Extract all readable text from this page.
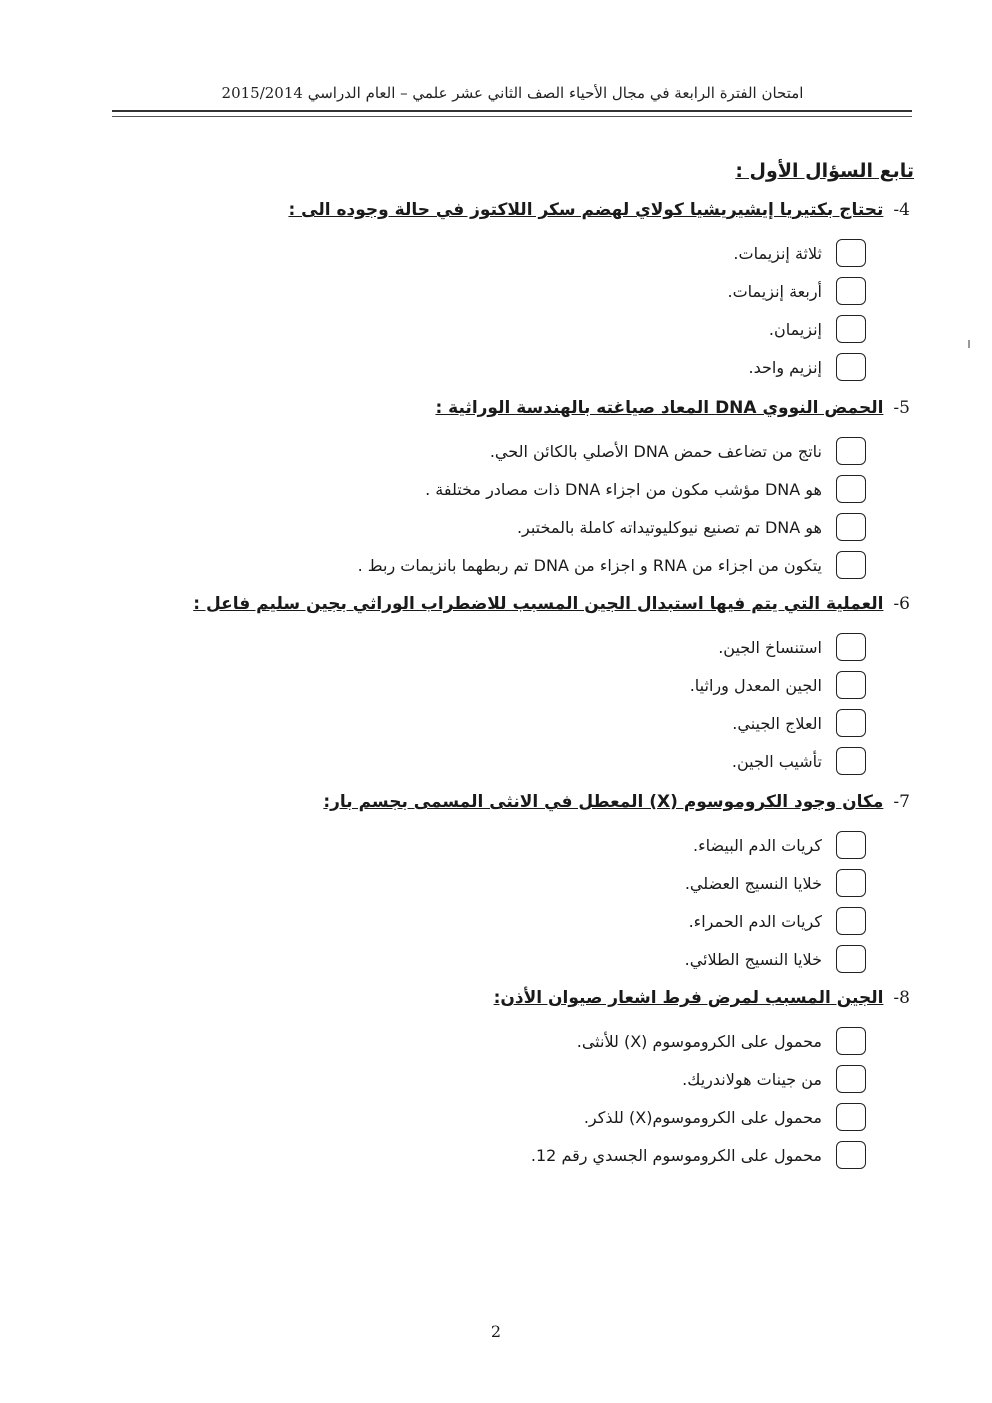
امتحان الفترة الرابعة في مجال الأحياء الصف الثاني عشر علمي – العام الدراسي 2015/2014
تابع السؤال الأول :
4-
تحتاج بكتيريا إيشيريشيا كولاي لهضم سكر اللاكتوز في حالة وجوده الى :
ثلاثة إنزيمات.
أربعة إنزيمات.
إنزيمان.
إنزيم واحد.
5-
الحمض النووي DNA المعاد صياغته بالهندسة الوراثية :
ناتج من تضاعف حمض DNA الأصلي بالكائن الحي.
هو DNA مؤشب مكون من اجزاء DNA ذات مصادر مختلفة .
هو DNA تم تصنيع نيوكليوتيداته كاملة بالمختبر.
يتكون من اجزاء من RNA و اجزاء من DNA تم ربطهما بانزيمات ربط .
6-
العملية التي يتم فيها استبدال الجين المسبب للاضطراب الوراثي بجين سليم فاعل :
استنساخ الجين.
الجين المعدل وراثيا.
العلاج الجيني.
تأشيب الجين.
7-
مكان وجود الكروموسوم (X) المعطل في الانثى المسمى بجسم بار:
كريات الدم البيضاء.
خلايا النسيج العضلي.
كريات الدم الحمراء.
خلايا النسيج الطلائي.
8-
الجين المسبب لمرض فرط اشعار صيوان الأذن:
محمول على الكروموسوم (X) للأنثى.
من جينات هولاندريك.
محمول على الكروموسوم(X) للذكر.
محمول على الكروموسوم الجسدي رقم 12.
2
